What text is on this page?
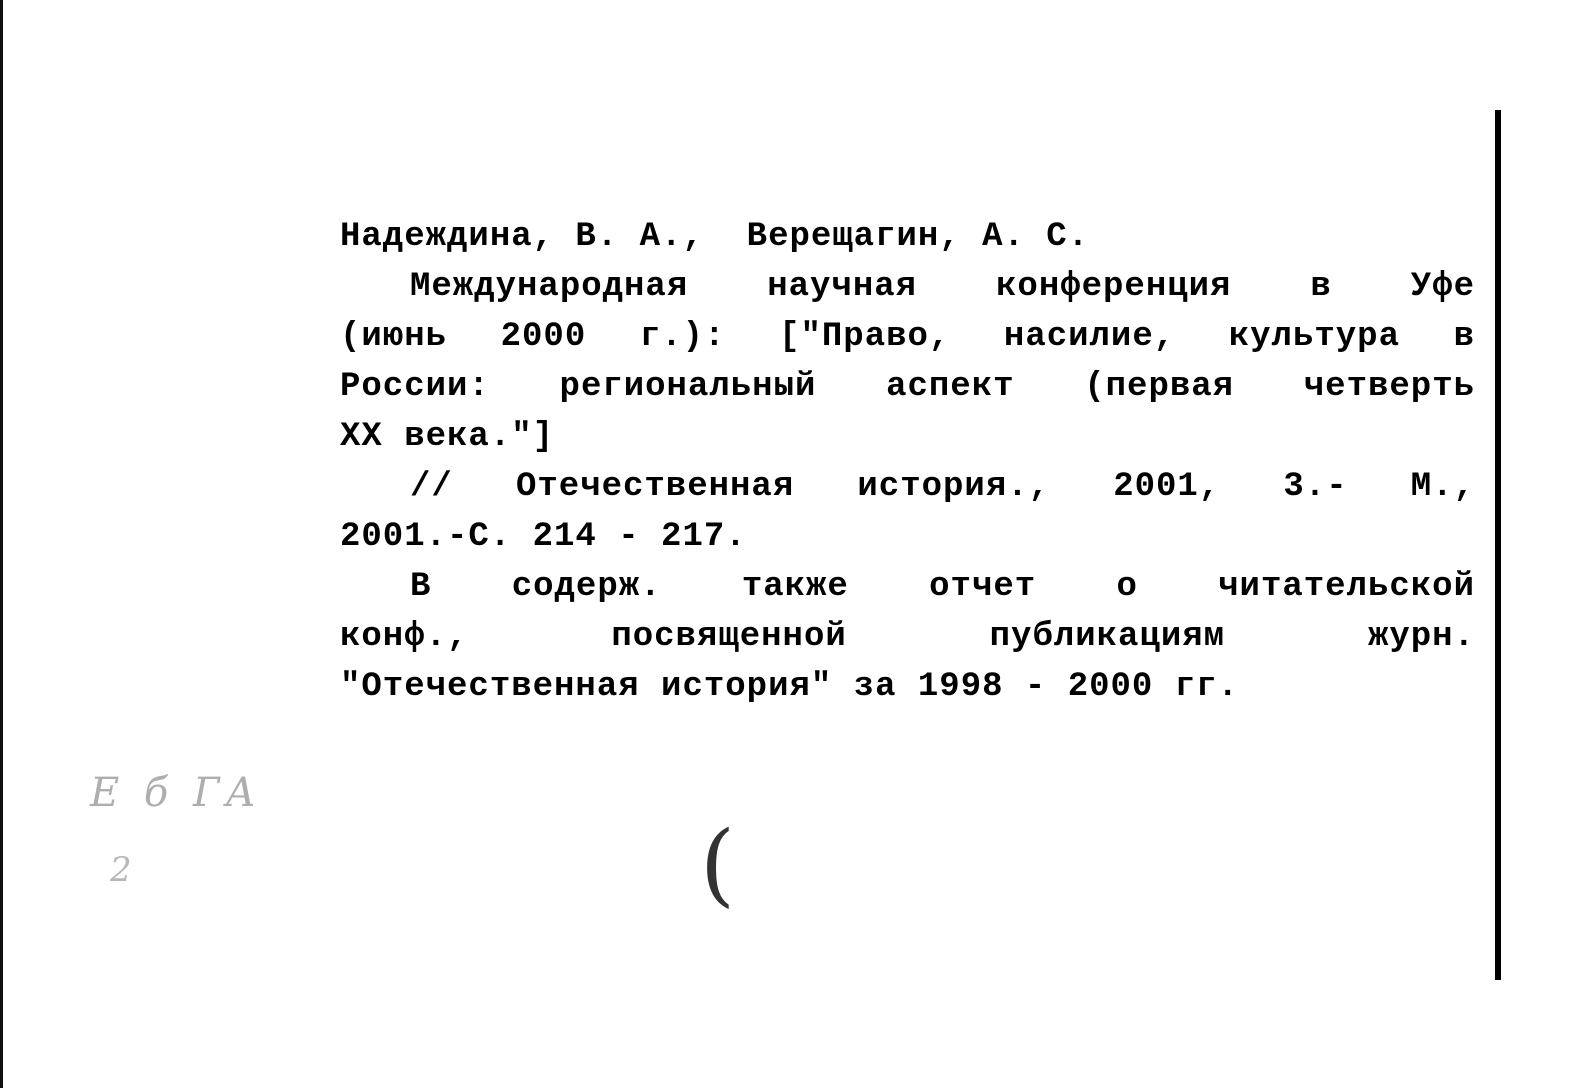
Надеждина, В. А.,  Верещагин, А. С.
Международная научная конференция в Уфе
(июнь 2000 г.): ["Право, насилие, культура в
России: региональный аспект (первая четверть
XX века."]
// Отечественная история., 2001, 3.- М.,
2001.-С. 214 - 217.
В содерж. также отчет о читательской
конф., посвященной публикациям журн.
"Отечественная история" за 1998 - 2000 гг.
Е б ГА
2	(
